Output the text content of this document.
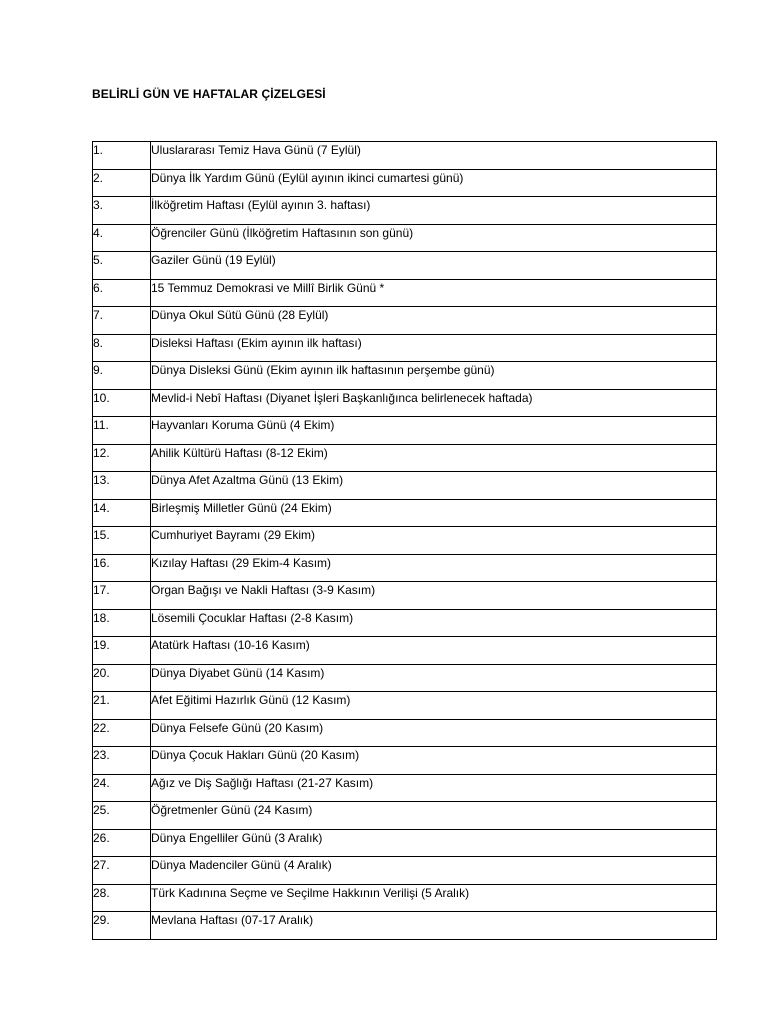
BELİRLİ GÜN VE HAFTALAR ÇİZELGESİ
1.	Uluslararası Temiz Hava Günü (7 Eylül)

2.	Dünya İlk Yardım Günü (Eylül ayının ikinci cumartesi günü)

3.	İlköğretim Haftası (Eylül ayının 3. haftası)

4.	Öğrenciler Günü (İlköğretim Haftasının son günü)

5.	Gaziler Günü (19 Eylül)

6.	15 Temmuz Demokrasi ve Millî Birlik Günü *

7.	Dünya Okul Sütü Günü (28 Eylül)

8.	Disleksi Haftası (Ekim ayının ilk haftası)

9.	Dünya Disleksi Günü (Ekim ayının ilk haftasının perşembe günü)

10.	Mevlid-i Nebî Haftası (Diyanet İşleri Başkanlığınca belirlenecek haftada)

11.	Hayvanları Koruma Günü (4 Ekim)

12.	Ahilik Kültürü Haftası (8-12 Ekim)

13.	Dünya Afet Azaltma Günü (13 Ekim)

14.	Birleşmiş Milletler Günü (24 Ekim)

15.	Cumhuriyet Bayramı (29 Ekim)

16.	Kızılay Haftası (29 Ekim-4 Kasım)

17.	Organ Bağışı ve Nakli Haftası (3-9 Kasım)

18.	Lösemili Çocuklar Haftası (2-8 Kasım)

19.	Atatürk Haftası (10-16 Kasım)

20.	Dünya Diyabet Günü (14 Kasım)

21.	Afet Eğitimi Hazırlık Günü (12 Kasım)

22.	Dünya Felsefe Günü (20 Kasım)

23.	Dünya Çocuk Hakları Günü (20 Kasım)

24.	Ağız ve Diş Sağlığı Haftası (21-27 Kasım)

25.	Öğretmenler Günü (24 Kasım)

26.	Dünya Engelliler Günü (3 Aralık)

27.	Dünya Madenciler Günü (4 Aralık)

28.	Türk Kadınına Seçme ve Seçilme Hakkının Verilişi (5 Aralık)

29.	Mevlana Haftası (07-17 Aralık)
